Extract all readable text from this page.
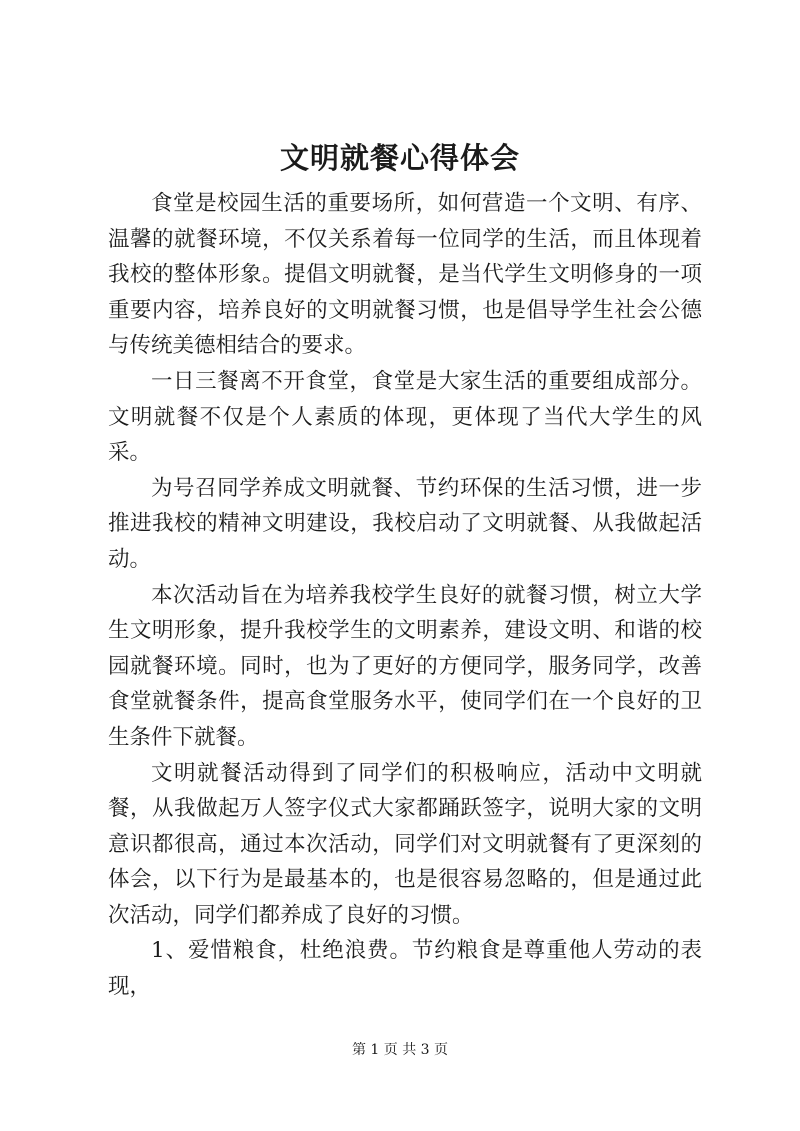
文明就餐心得体会

食堂是校园生活的重要场所，如何营造一个文明、有序、温馨的就餐环境，不仅关系着每一位同学的生活，而且体现着我校的整体形象。提倡文明就餐，是当代学生文明修身的一项重要内容，培养良好的文明就餐习惯，也是倡导学生社会公德与传统美德相结合的要求。

一日三餐离不开食堂，食堂是大家生活的重要组成部分。文明就餐不仅是个人素质的体现，更体现了当代大学生的风采。

为号召同学养成文明就餐、节约环保的生活习惯，进一步推进我校的精神文明建设，我校启动了文明就餐、从我做起活动。

本次活动旨在为培养我校学生良好的就餐习惯，树立大学生文明形象，提升我校学生的文明素养，建设文明、和谐的校园就餐环境。同时，也为了更好的方便同学，服务同学，改善食堂就餐条件，提高食堂服务水平，使同学们在一个良好的卫生条件下就餐。

文明就餐活动得到了同学们的积极响应，活动中文明就餐，从我做起万人签字仪式大家都踊跃签字，说明大家的文明意识都很高，通过本次活动，同学们对文明就餐有了更深刻的体会，以下行为是最基本的，也是很容易忽略的，但是通过此次活动，同学们都养成了良好的习惯。

1、爱惜粮食，杜绝浪费。节约粮食是尊重他人劳动的表现，

第 1 页 共 3 页
